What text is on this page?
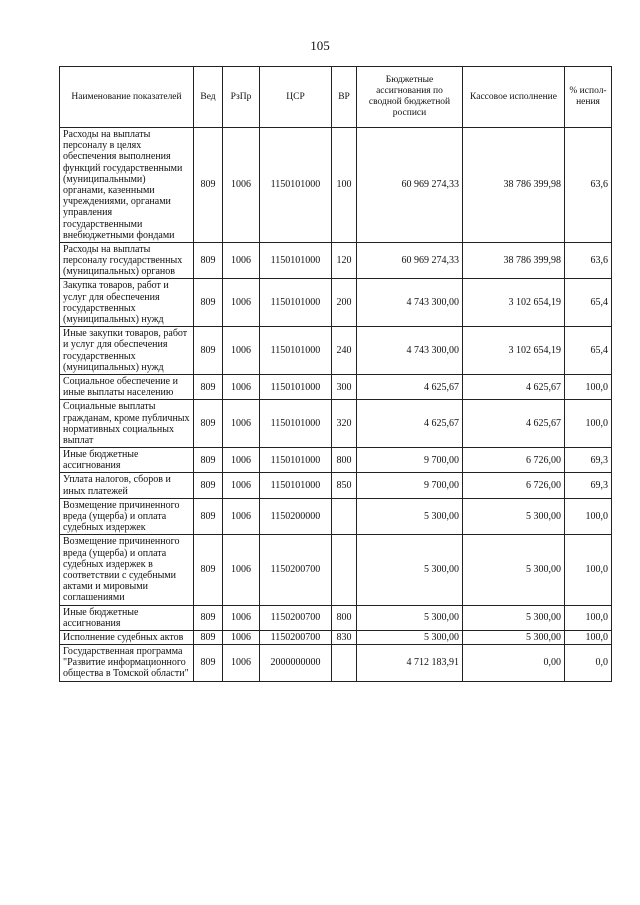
105
Наименование показателей	Вед	РзПр	ЦСР	ВР	Бюджетные ассигнования по сводной бюджетной росписи	Кассовое исполнение	% испол-нения
Расходы на выплаты персоналу в целях обеспечения выполнения функций государственными (муниципальными) органами, казенными учреждениями, органами управления государственными внебюджетными фондами	809	1006	1150101000	100	60 969 274,33	38 786 399,98	63,6
Расходы на выплаты персоналу государственных (муниципальных) органов	809	1006	1150101000	120	60 969 274,33	38 786 399,98	63,6
Закупка товаров, работ и услуг для обеспечения государственных (муниципальных) нужд	809	1006	1150101000	200	4 743 300,00	3 102 654,19	65,4
Иные закупки товаров, работ и услуг для обеспечения государственных (муниципальных) нужд	809	1006	1150101000	240	4 743 300,00	3 102 654,19	65,4
Социальное обеспечение и иные выплаты населению	809	1006	1150101000	300	4 625,67	4 625,67	100,0
Социальные выплаты гражданам, кроме публичных нормативных социальных выплат	809	1006	1150101000	320	4 625,67	4 625,67	100,0
Иные бюджетные ассигнования	809	1006	1150101000	800	9 700,00	6 726,00	69,3
Уплата налогов, сборов и иных платежей	809	1006	1150101000	850	9 700,00	6 726,00	69,3
Возмещение причиненного вреда (ущерба) и оплата судебных издержек	809	1006	1150200000		5 300,00	5 300,00	100,0
Возмещение причиненного вреда (ущерба) и оплата судебных издержек в соответствии с судебными актами и мировыми соглашениями	809	1006	1150200700		5 300,00	5 300,00	100,0
Иные бюджетные ассигнования	809	1006	1150200700	800	5 300,00	5 300,00	100,0
Исполнение судебных актов	809	1006	1150200700	830	5 300,00	5 300,00	100,0
Государственная программа "Развитие информационного общества в Томской области"	809	1006	2000000000		4 712 183,91	0,00	0,0
